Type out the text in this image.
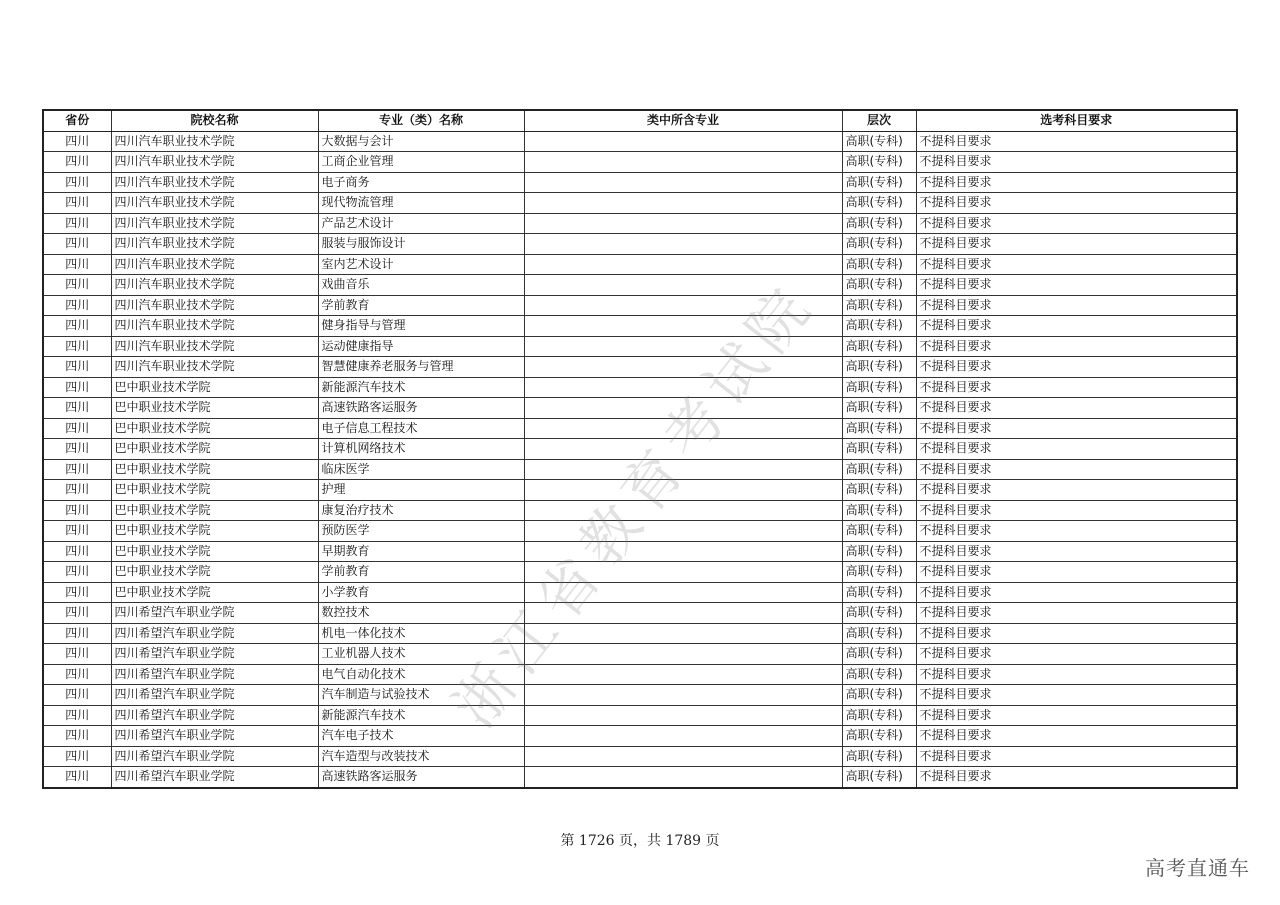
省份	院校名称	专业（类）名称	类中所含专业	层次	选考科目要求
四川	四川汽车职业技术学院	大数据与会计		高职(专科)	不提科目要求
四川	四川汽车职业技术学院	工商企业管理		高职(专科)	不提科目要求
四川	四川汽车职业技术学院	电子商务		高职(专科)	不提科目要求
四川	四川汽车职业技术学院	现代物流管理		高职(专科)	不提科目要求
四川	四川汽车职业技术学院	产品艺术设计		高职(专科)	不提科目要求
四川	四川汽车职业技术学院	服装与服饰设计		高职(专科)	不提科目要求
四川	四川汽车职业技术学院	室内艺术设计		高职(专科)	不提科目要求
四川	四川汽车职业技术学院	戏曲音乐		高职(专科)	不提科目要求
四川	四川汽车职业技术学院	学前教育		高职(专科)	不提科目要求
四川	四川汽车职业技术学院	健身指导与管理		高职(专科)	不提科目要求
四川	四川汽车职业技术学院	运动健康指导		高职(专科)	不提科目要求
四川	四川汽车职业技术学院	智慧健康养老服务与管理		高职(专科)	不提科目要求
四川	巴中职业技术学院	新能源汽车技术		高职(专科)	不提科目要求
四川	巴中职业技术学院	高速铁路客运服务		高职(专科)	不提科目要求
四川	巴中职业技术学院	电子信息工程技术		高职(专科)	不提科目要求
四川	巴中职业技术学院	计算机网络技术		高职(专科)	不提科目要求
四川	巴中职业技术学院	临床医学		高职(专科)	不提科目要求
四川	巴中职业技术学院	护理		高职(专科)	不提科目要求
四川	巴中职业技术学院	康复治疗技术		高职(专科)	不提科目要求
四川	巴中职业技术学院	预防医学		高职(专科)	不提科目要求
四川	巴中职业技术学院	早期教育		高职(专科)	不提科目要求
四川	巴中职业技术学院	学前教育		高职(专科)	不提科目要求
四川	巴中职业技术学院	小学教育		高职(专科)	不提科目要求
四川	四川希望汽车职业学院	数控技术		高职(专科)	不提科目要求
四川	四川希望汽车职业学院	机电一体化技术		高职(专科)	不提科目要求
四川	四川希望汽车职业学院	工业机器人技术		高职(专科)	不提科目要求
四川	四川希望汽车职业学院	电气自动化技术		高职(专科)	不提科目要求
四川	四川希望汽车职业学院	汽车制造与试验技术		高职(专科)	不提科目要求
四川	四川希望汽车职业学院	新能源汽车技术		高职(专科)	不提科目要求
四川	四川希望汽车职业学院	汽车电子技术		高职(专科)	不提科目要求
四川	四川希望汽车职业学院	汽车造型与改装技术		高职(专科)	不提科目要求
四川	四川希望汽车职业学院	高速铁路客运服务		高职(专科)	不提科目要求
浙江省教育考试院
第 1726 页，共 1789 页
高考直通车
